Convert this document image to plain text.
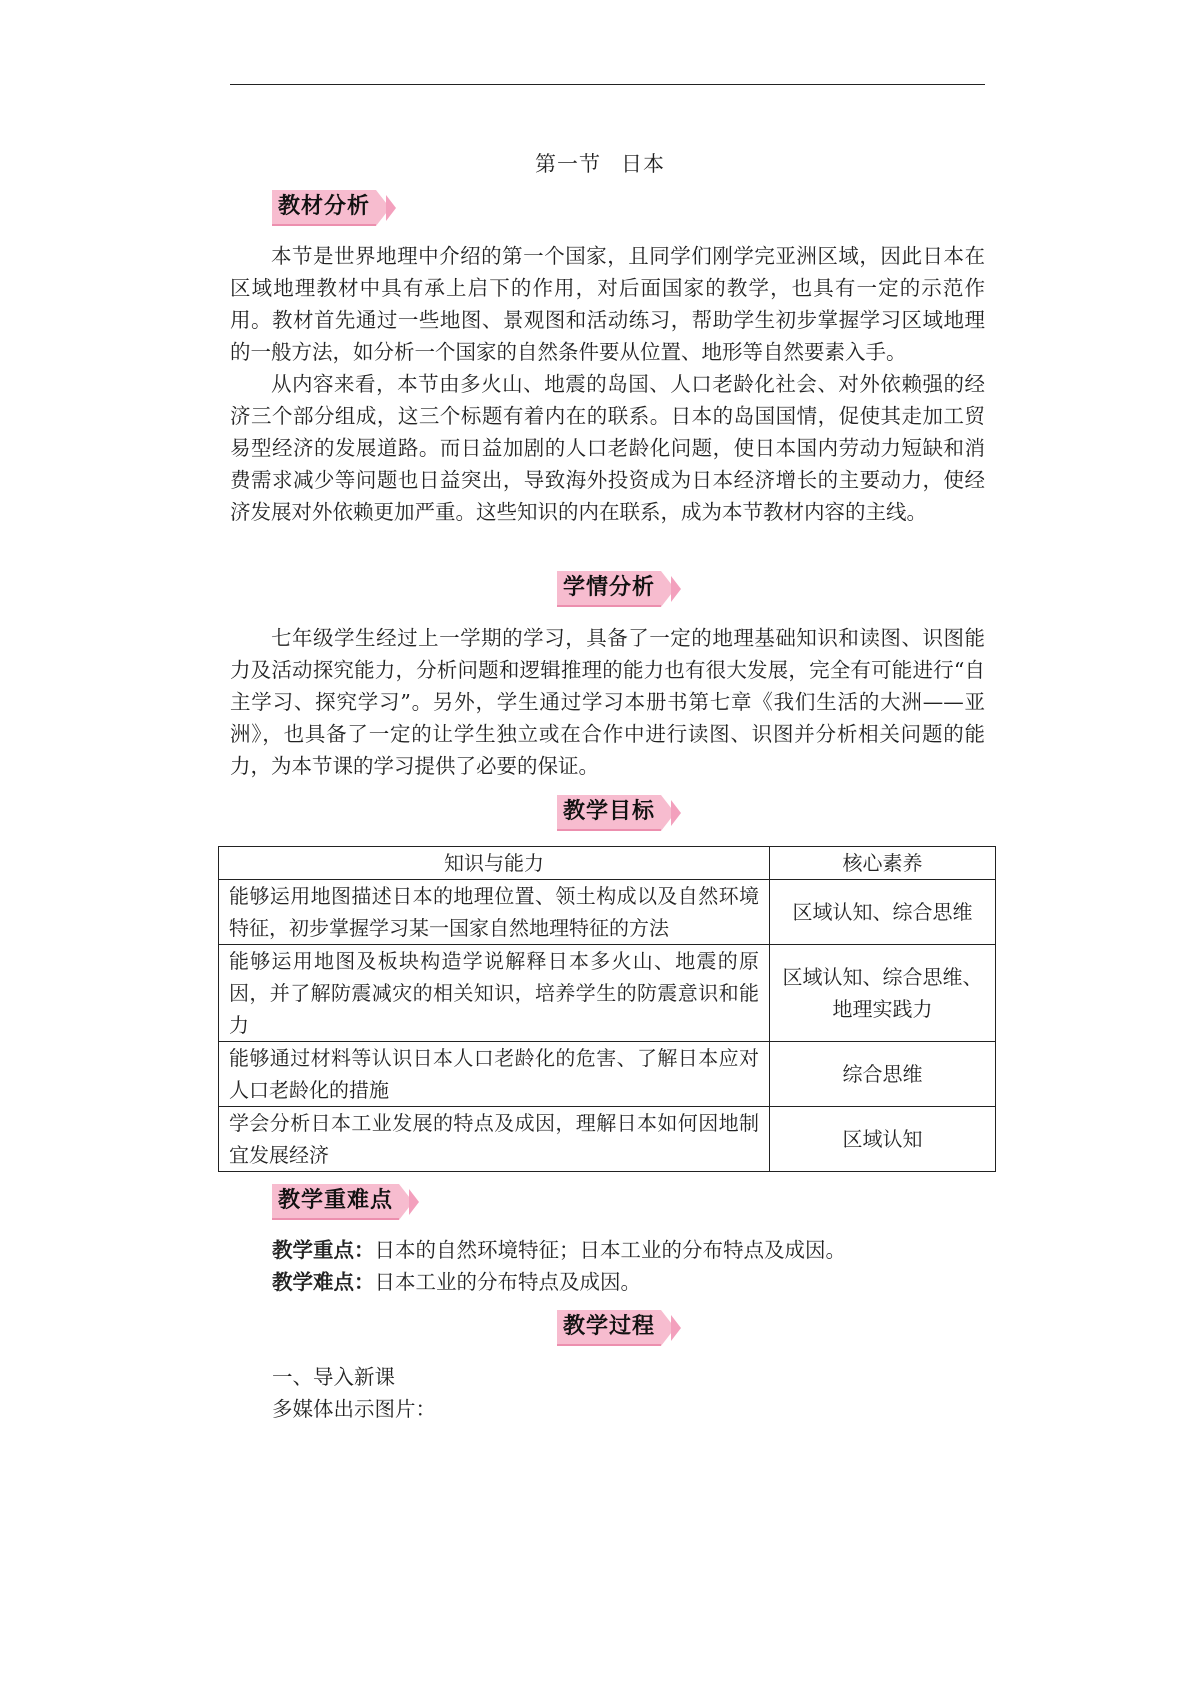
第一节 日本
教材分析

本节是世界地理中介绍的第一个国家，且同学们刚学完亚洲区域，因此日本在区域地理教材中具有承上启下的作用，对后面国家的教学，也具有一定的示范作用。教材首先通过一些地图、景观图和活动练习，帮助学生初步掌握学习区域地理的一般方法，如分析一个国家的自然条件要从位置、地形等自然要素入手。

从内容来看，本节由多火山、地震的岛国、人口老龄化社会、对外依赖强的经济三个部分组成，这三个标题有着内在的联系。日本的岛国国情，促使其走加工贸易型经济的发展道路。而日益加剧的人口老龄化问题，使日本国内劳动力短缺和消费需求减少等问题也日益突出，导致海外投资成为日本经济增长的主要动力，使经济发展对外依赖更加严重。这些知识的内在联系，成为本节教材内容的主线。

学情分析

七年级学生经过上一学期的学习，具备了一定的地理基础知识和读图、识图能力及活动探究能力，分析问题和逻辑推理的能力也有很大发展，完全有可能进行“自主学习、探究学习”。另外，学生通过学习本册书第七章《我们生活的大洲——亚洲》，也具备了一定的让学生独立或在合作中进行读图、识图并分析相关问题的能力，为本节课的学习提供了必要的保证。

教学目标
知识与能力	核心素养
能够运用地图描述日本的地理位置、领土构成以及自然环境特征，初步掌握学习某一国家自然地理特征的方法	区域认知、综合思维
能够运用地图及板块构造学说解释日本多火山、地震的原因，并了解防震减灾的相关知识，培养学生的防震意识和能力	区域认知、综合思维、地理实践力
能够通过材料等认识日本人口老龄化的危害、了解日本应对人口老龄化的措施	综合思维
学会分析日本工业发展的特点及成因，理解日本如何因地制宜发展经济	区域认知
教学重难点
教学重点：日本的自然环境特征；日本工业的分布特点及成因。
教学难点：日本工业的分布特点及成因。
教学过程
一、导入新课
多媒体出示图片：
